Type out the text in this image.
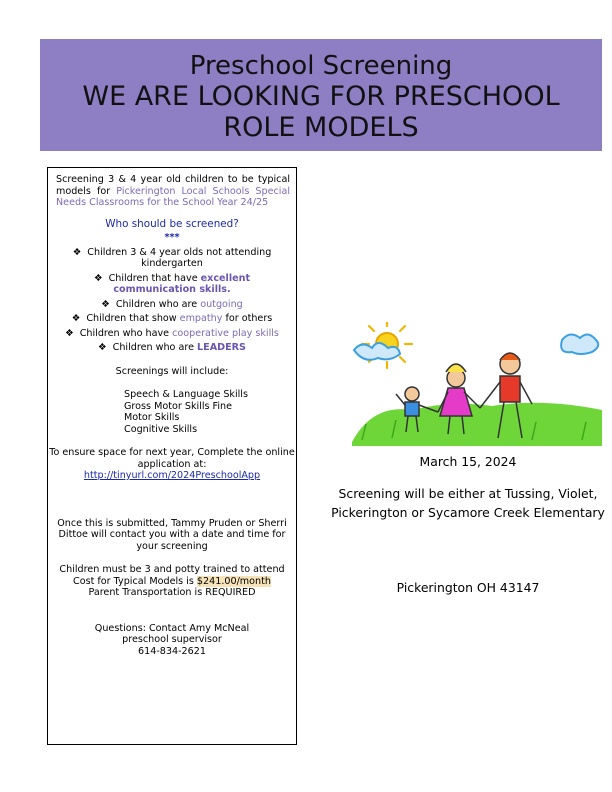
Preschool Screening
WE ARE LOOKING FOR PRESCHOOL
ROLE MODELS
Screening 3 & 4 year old children to be typical models for Pickerington Local Schools Special Needs Classrooms for the School Year 24/25
Who should be screened?
***
❖ Children 3 & 4 year olds not attending kindergarten
❖ Children that have excellent communication skills.
❖ Children who are outgoing
❖ Children that show empathy for others
❖ Children who have cooperative play skills
❖ Children who are LEADERS
Screenings will include:
Speech & Language Skills
Gross Motor Skills Fine
Motor Skills
Cognitive Skills
To ensure space for next year, Complete the online application at:
http://tinyurl.com/2024PreschoolApp
Once this is submitted, Tammy Pruden or Sherri Dittoe will contact you with a date and time for your screening
Children must be 3 and potty trained to attend Cost for Typical Models is $241.00/month
Parent Transportation is REQUIRED
Questions: Contact Amy McNeal
preschool supervisor
614-834-2621
March 15, 2024
Screening will be either at Tussing, Violet, Pickerington or Sycamore Creek Elementary
Pickerington OH 43147
